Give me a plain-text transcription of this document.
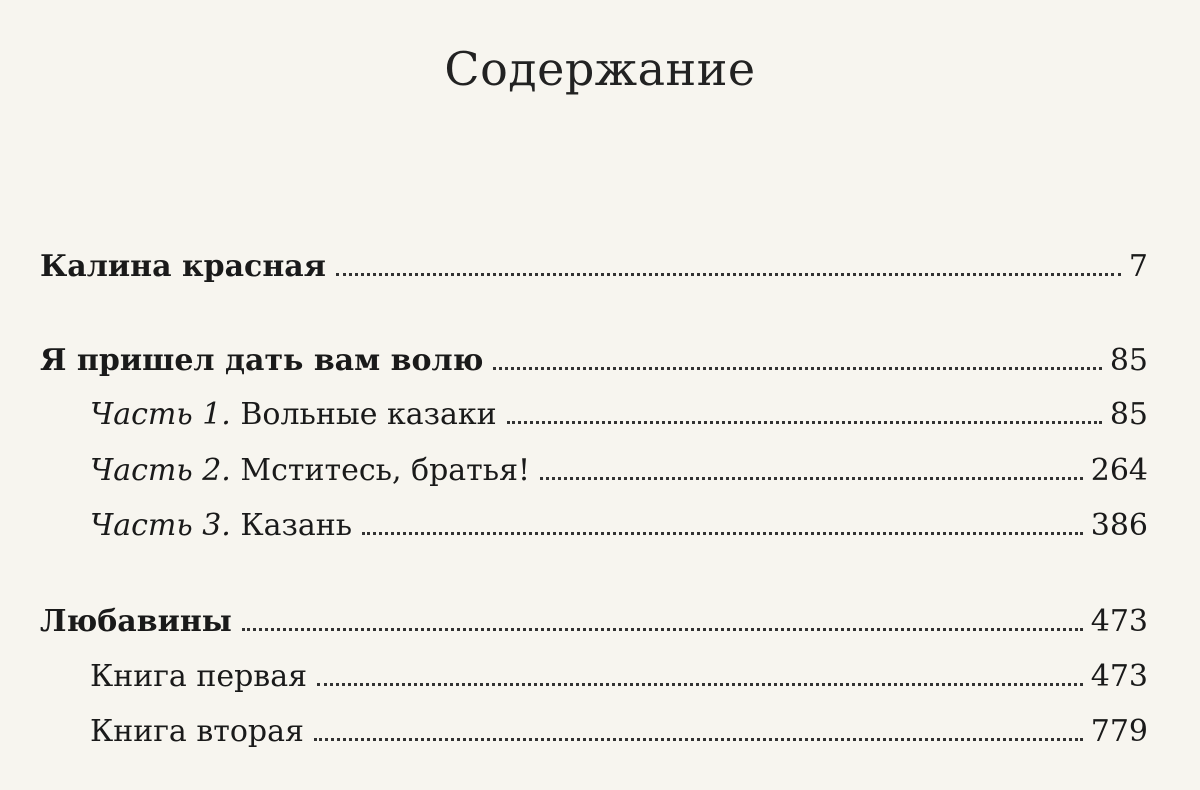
Содержание
Калина красная	7
Я пришел дать вам волю	85
Часть 1. Вольные казаки	85
Часть 2. Мститесь, братья!	264
Часть 3. Казань	386
Любавины	473
Книга первая	473
Книга вторая	779
